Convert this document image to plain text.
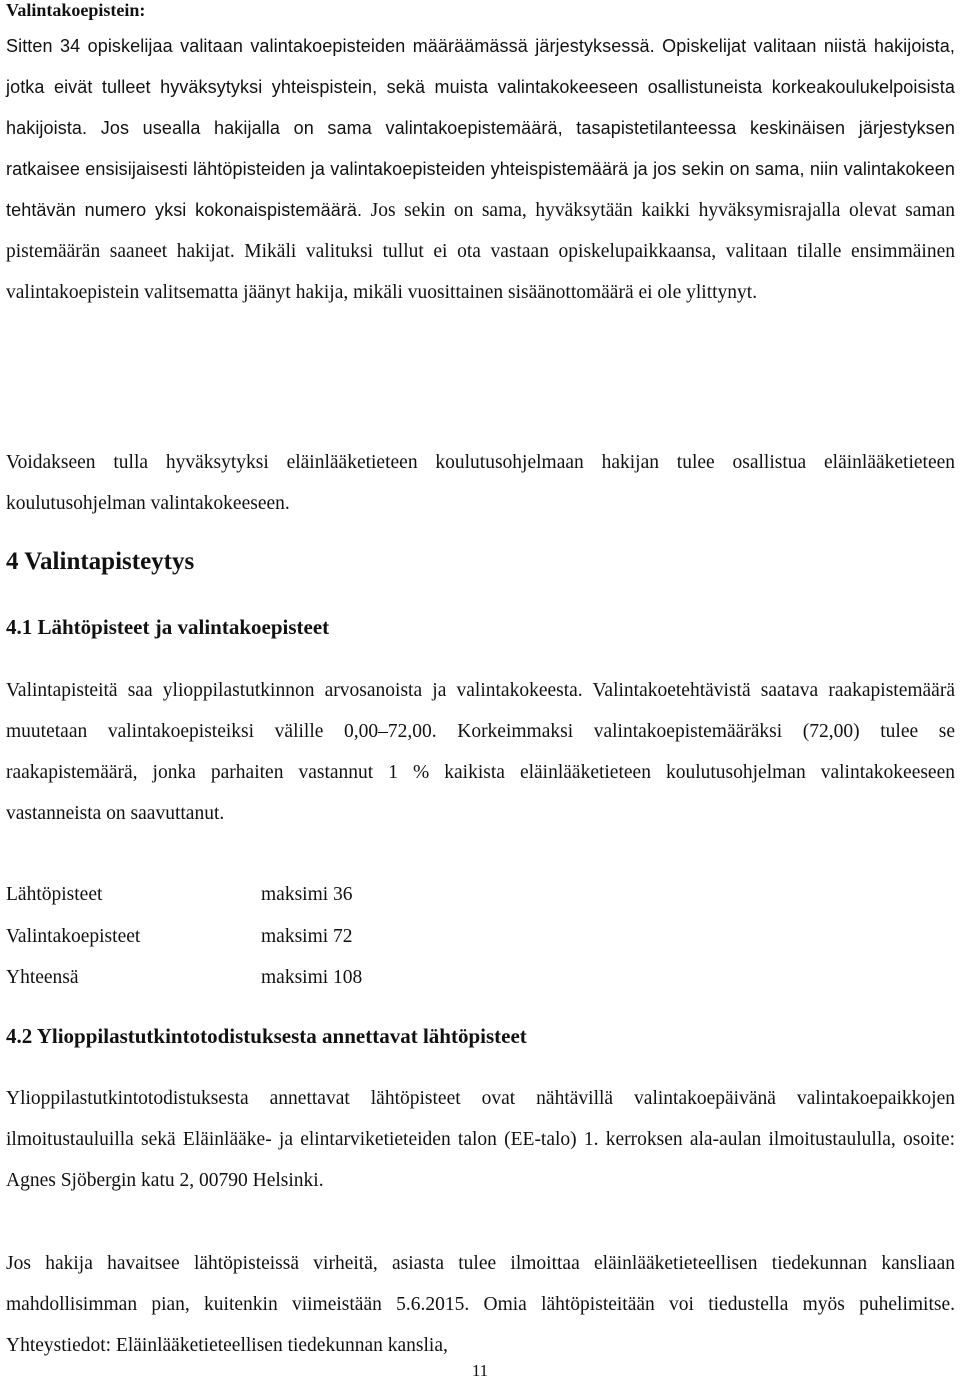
Valintakoepistein:

Sitten 34 opiskelijaa valitaan valintakoepisteiden määräämässä järjestyksessä. Opiskelijat valitaan niistä hakijoista, jotka eivät tulleet hyväksytyksi yhteispistein, sekä muista valintakokeeseen osallistuneista korkeakoulukelpoisista hakijoista. Jos usealla hakijalla on sama valintakoepistemäärä, tasapistetilanteessa keskinäisen järjestyksen ratkaisee ensisijaisesti lähtöpisteiden ja valintakoepisteiden yhteispistemäärä ja jos sekin on sama, niin valintakokeen tehtävän numero yksi kokonaispistemäärä. Jos sekin on sama, hyväksytään kaikki hyväksymisrajalla olevat saman pistemäärän saaneet hakijat. Mikäli valituksi tullut ei ota vastaan opiskelupaikkaansa, valitaan tilalle ensimmäinen valintakoepistein valitsematta jäänyt hakija, mikäli vuosittainen sisäänottomäärä ei ole ylittynyt.

Voidakseen tulla hyväksytyksi eläinlääketieteen koulutusohjelmaan hakijan tulee osallistua eläinlääketieteen koulutusohjelman valintakokeeseen.

4 Valintapisteytys
4.1 Lähtöpisteet ja valintakoepisteet

Valintapisteitä saa ylioppilastutkinnon arvosanoista ja valintakokeesta. Valintakoetehtävistä saatava raakapistemäärä muutetaan valintakoepisteiksi välille 0,00–72,00. Korkeimmaksi valintakoepistemääräksi (72,00) tulee se raakapistemäärä, jonka parhaiten vastannut 1 % kaikista eläinlääketieteen koulutusohjelman valintakokeeseen vastanneista on saavuttanut.

Lähtöpisteet	maksimi 36
Valintakoepisteet	maksimi 72
Yhteensä	maksimi 108
4.2 Ylioppilastutkintotodistuksesta annettavat lähtöpisteet

Ylioppilastutkintotodistuksesta annettavat lähtöpisteet ovat nähtävillä valintakoepäivänä valintakoepaikkojen ilmoitustauluilla sekä Eläinlääke- ja elintarviketieteiden talon (EE-talo) 1. kerroksen ala-aulan ilmoitustaululla, osoite: Agnes Sjöbergin katu 2, 00790 Helsinki.

Jos hakija havaitsee lähtöpisteissä virheitä, asiasta tulee ilmoittaa eläinlääketieteellisen tiedekunnan kansliaan mahdollisimman pian, kuitenkin viimeistään 5.6.2015. Omia lähtöpisteitään voi tiedustella myös puhelimitse. Yhteystiedot: Eläinlääketieteellisen tiedekunnan kanslia,

11
